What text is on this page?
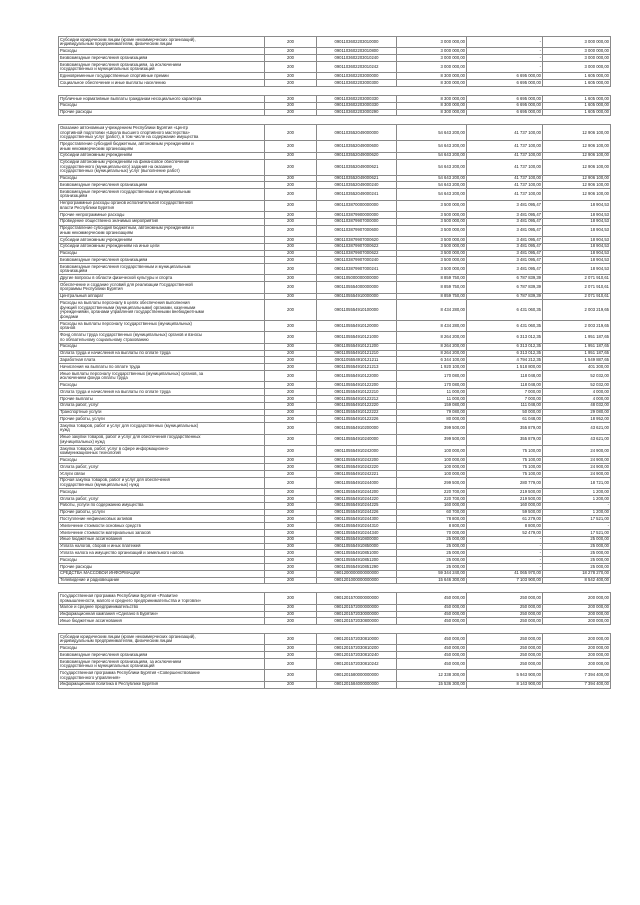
Субсидии юридическим лицам (кроме некоммерческих организаций),
индивидуальным предпринимателям, физическим лицам	200	0901103602203010000	3 000 000,00	-	3 000 000,00
Расходы	200	0901103602203010800	3 000 000,00	-	3 000 000,00
Безвозмездные перечисления организациям	200	0901103602203010240	3 000 000,00	-	3 000 000,00
Безвозмездные перечисления организациям, за исключением
государственных и муниципальных организаций	200	0901103602203010242	3 000 000,00	-	3 000 000,00
Единовременные государственные спортивные премии	200	0901103602203000000	8 300 000,00	6 695 000,00	1 605 000,00
Социальное обеспечение и иные выплаты населению	200	0901103602203000300	8 300 000,00	6 695 000,00	1 605 000,00

Публичные нормативные выплаты гражданам несоциального характера	200	0901103602203000330	8 300 000,00	6 695 000,00	1 605 000,00
Расходы	200	0901103602203000330	8 300 000,00	6 695 000,00	1 605 000,00
Прочие расходы	200	0901103602203000290	8 300 000,00	6 695 000,00	1 605 000,00

Оказание автономным учреждением Республики Бурятия «Центр
спортивной подготовки «Школа высшего спортивного мастерства»
государственных услуг (работ), в том числе на содержание имущества	200	0901103552049000000	54 643 200,00	41 737 100,00	12 906 100,00
Предоставление субсидий бюджетным, автономным учреждениям и
иным некоммерческим организациям	200	0901103552049000600	54 643 200,00	41 737 100,00	12 906 100,00
Субсидии автономным учреждениям	200	0901103552049000620	54 643 200,00	41 737 100,00	12 906 100,00
Субсидии автономным учреждениям на финансовое обеспечение
государственного (муниципального) задания на оказание
государственных (муниципальных) услуг (выполнение работ)	200	0901103552049000621	54 643 200,00	41 737 100,00	12 906 100,00
Расходы	200	0901103552049000621	54 643 200,00	41 737 100,00	12 906 100,00
Безвозмездные перечисления организациям	200	0901103552049000240	54 643 200,00	41 737 100,00	12 906 100,00
Безвозмездные перечисления государственным и муниципальным
организациям	200	0901103552049000241	54 643 200,00	41 737 100,00	12 906 100,00
Непрограммные расходы органов исполнительной государственной
власти Республики Бурятия	200	0901103870000000000	3 500 000,00	3 481 095,47	18 904,53
Прочие непрограммные расходы	200	0901103879900000000	3 500 000,00	3 481 095,47	18 904,53
Проведение общественно значимых мероприятий	200	0901103879907000000	3 500 000,00	3 481 095,47	18 904,53
Предоставление субсидий бюджетным, автономным учреждениям и
иным некоммерческим организациям	200	0901103879907000600	3 500 000,00	3 481 095,47	18 904,53
Субсидии автономным учреждениям	200	0901103879907000620	3 500 000,00	3 481 095,47	18 904,53
Субсидии автономным учреждениям на иные цели	200	0901103879907000622	3 500 000,00	3 481 095,47	18 904,53
Расходы	200	0901103879907000622	3 500 000,00	3 481 095,47	18 904,53
Безвозмездные перечисления организациям	200	0901103879907000240	3 500 000,00	3 481 095,47	18 904,53
Безвозмездные перечисления государственным и муниципальным
организациям	200	0901103879907000241	3 500 000,00	3 481 095,47	18 904,53
Другие вопросы в области физической культуры и спорта	200	0901105000000000000	8 859 750,00	6 787 839,39	2 071 910,61
Обеспечение и создание условий для реализации Государственной
программы Республики Бурятия	200	0901105554000000000	8 859 750,00	6 787 839,39	2 071 910,61
Центральный аппарат	200	0901105554910000000	8 859 750,00	6 787 839,39	2 071 910,61
Расходы на выплаты персоналу в целях обеспечения выполнения
функций государственными (муниципальными) органами, казенными
учреждениями, органами управления государственными внебюджетными
фондами	200	0901105554910100000	8 434 280,00	6 431 060,35	2 003 219,65
Расходы на выплаты персоналу государственных (муниципальных)
органов	200	0901105554910120000	8 434 280,00	6 431 060,35	2 003 219,65
Фонд оплаты труда государственных (муниципальных) органов и взносы
по обязательному социальному страхованию	200	0901105554910121000	8 264 200,00	6 313 012,35	1 951 187,65
Расходы	200	0901105554910121200	8 264 200,00	6 313 012,35	1 951 187,65
Оплата труда и начисления на выплаты по оплате труда	200	0901105554910121210	8 264 200,00	6 313 012,35	1 951 187,65
Заработная плата	200	0901105554910121211	6 344 100,00	4 794 212,35	1 549 887,65
Начисления на выплаты по оплате труда	200	0901105554910121213	1 920 100,00	1 518 800,00	401 300,00
Иные выплаты персоналу государственных (муниципальных) органов, за
исключением фонда оплаты труда	200	0901105554910122000	170 080,00	118 048,00	52 032,00
Расходы	200	0901105554910122200	170 080,00	118 048,00	52 032,00
Оплата труда и начисления на выплаты по оплате труда	200	0901105554910122210	11 000,00	7 000,00	4 000,00
Прочие выплаты	200	0901105554910122212	11 000,00	7 000,00	4 000,00
Оплата работ, услуг	200	0901105554910122220	159 080,00	111 048,00	48 032,00
Транспортные услуги	200	0901105554910122222	79 080,00	50 000,00	29 080,00
Прочие работы, услуги	200	0901105554910122226	80 000,00	61 048,00	18 952,00
Закупка товаров, работ и услуг для государственных (муниципальных)
нужд	200	0901105554910200000	399 500,00	355 879,00	43 621,00
Иные закупки товаров, работ и услуг для обеспечения государственных
(муниципальных) нужд	200	0901105554910240000	399 500,00	355 879,00	43 621,00
Закупка товаров, работ, услуг в сфере информационно-
коммуникационных технологий	200	0901105554910242000	100 000,00	75 100,00	24 900,00
Расходы	200	0901105554910242200	100 000,00	75 100,00	24 900,00
Оплата работ, услуг	200	0901105554910242220	100 000,00	75 100,00	24 900,00
Услуги связи	200	0901105554910242221	100 000,00	75 100,00	24 900,00
Прочая закупка товаров, работ и услуг для обеспечения
государственных (муниципальных) нужд	200	0901105554910244000	299 500,00	280 779,00	18 721,00
Расходы	200	0901105554910244200	220 700,00	219 500,00	1 200,00
Оплата работ, услуг	200	0901105554910244220	220 700,00	219 500,00	1 200,00
Работы, услуги по содержанию имущества	200	0901105554910244225	160 000,00	160 000,00	-
Прочие работы, услуги	200	0901105554910244226	60 700,00	59 500,00	1 200,00
Поступление нефинансовых активов	200	0901105554910244300	78 800,00	61 279,00	17 521,00
Увеличение стоимости основных средств	200	0901105554910244310	8 800,00	8 800,00	-
Увеличение стоимости материальных запасов	200	0901105554910244340	70 000,00	52 479,00	17 521,00
Иные бюджетные ассигнования	200	0901105554910800000	25 000,00	-	25 000,00
Уплата налогов, сборов и иных платежей	200	0901105554910850000	25 000,00	-	25 000,00
Уплата налога на имущество организаций и земельного налога	200	0901105554910851000	25 000,00	-	25 000,00
Расходы	200	0901105554910851200	25 000,00	-	25 000,00
Прочие расходы	200	0901105554910851290	25 000,00	-	25 000,00
СРЕДСТВА МАССОВОЙ ИНФОРМАЦИИ	200	0901200000000000000	59 344 240,00	41 065 970,00	18 278 270,00
Телевидение и радиовещание	200	0901201000000000000	15 646 300,00	7 103 900,00	8 542 400,00

Государственная программа Республики Бурятия «Развитие
промышленности, малого и среднего предпринимательства и торговли»	200	0901201570000000000	450 000,00	250 000,00	200 000,00
Малое и среднее предпринимательство	200	0901201572000000000	450 000,00	250 000,00	200 000,00
Информационная кампания «Сделано в Бурятии»	200	0901201572030000000	450 000,00	250 000,00	200 000,00
Иные бюджетные ассигнования	200	0901201572030800000	450 000,00	250 000,00	200 000,00

Субсидии юридическим лицам (кроме некоммерческих организаций),
индивидуальным предпринимателям, физическим лицам	200	0901201572030810000	450 000,00	250 000,00	200 000,00
Расходы	200	0901201572030810200	450 000,00	250 000,00	200 000,00
Безвозмездные перечисления организациям	200	0901201572030810240	450 000,00	250 000,00	200 000,00
Безвозмездные перечисления организациям, за исключением
государственных и муниципальных организаций	200	0901201572030810242	450 000,00	250 000,00	200 000,00
Государственная программа Республики Бурятия «Совершенствование
государственного управления»	200	0901201580000000000	12 338 300,00	5 943 900,00	7 394 400,00
Информационная политика в Республике Бурятия	200	0901201584000000000	15 536 300,00	8 143 900,00	7 394 400,00
